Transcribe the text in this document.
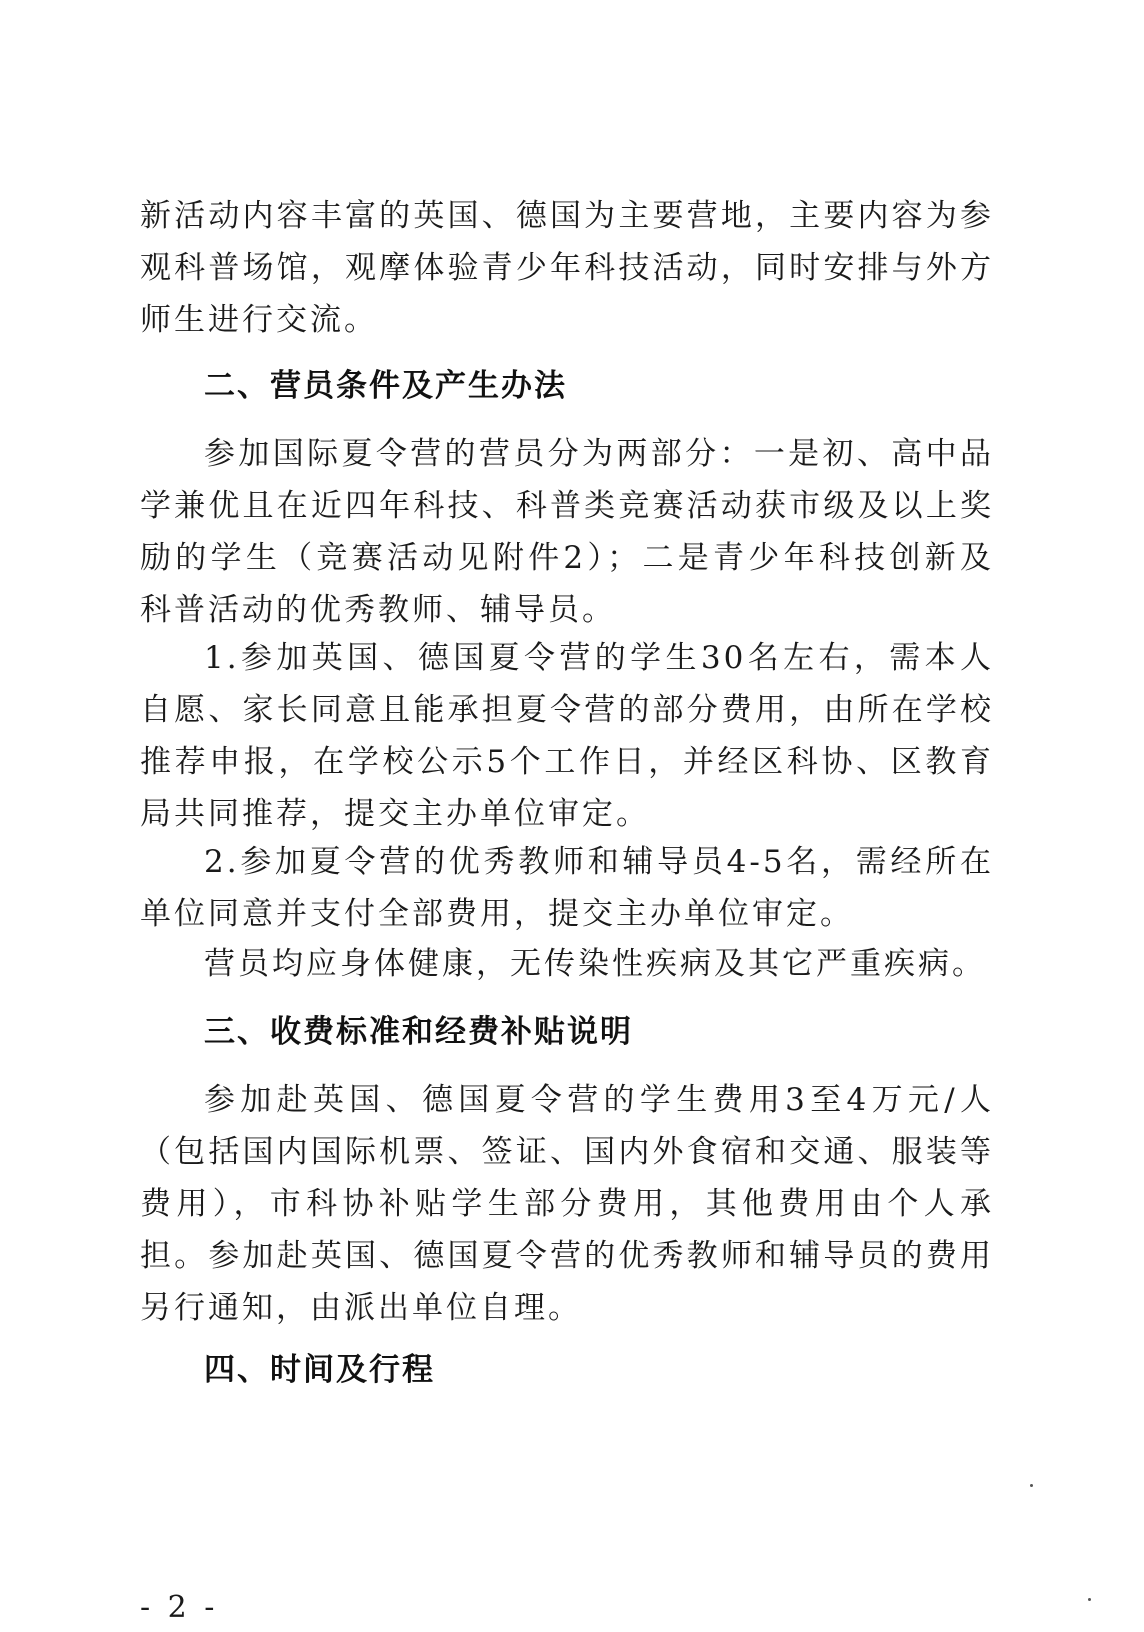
新活动内容丰富的英国、德国为主要营地，主要内容为参观科普场馆，观摩体验青少年科技活动，同时安排与外方师生进行交流。

二、营员条件及产生办法

参加国际夏令营的营员分为两部分：一是初、高中品学兼优且在近四年科技、科普类竞赛活动获市级及以上奖励的学生（竞赛活动见附件2）；二是青少年科技创新及科普活动的优秀教师、辅导员。

1.参加英国、德国夏令营的学生30名左右，需本人自愿、家长同意且能承担夏令营的部分费用，由所在学校推荐申报，在学校公示5个工作日，并经区科协、区教育局共同推荐，提交主办单位审定。

2.参加夏令营的优秀教师和辅导员4-5名，需经所在单位同意并支付全部费用，提交主办单位审定。

营员均应身体健康，无传染性疾病及其它严重疾病。

三、收费标准和经费补贴说明

参加赴英国、德国夏令营的学生费用3至4万元/人（包括国内国际机票、签证、国内外食宿和交通、服装等费用），市科协补贴学生部分费用，其他费用由个人承担。参加赴英国、德国夏令营的优秀教师和辅导员的费用另行通知，由派出单位自理。

四、时间及行程

- 2 -
